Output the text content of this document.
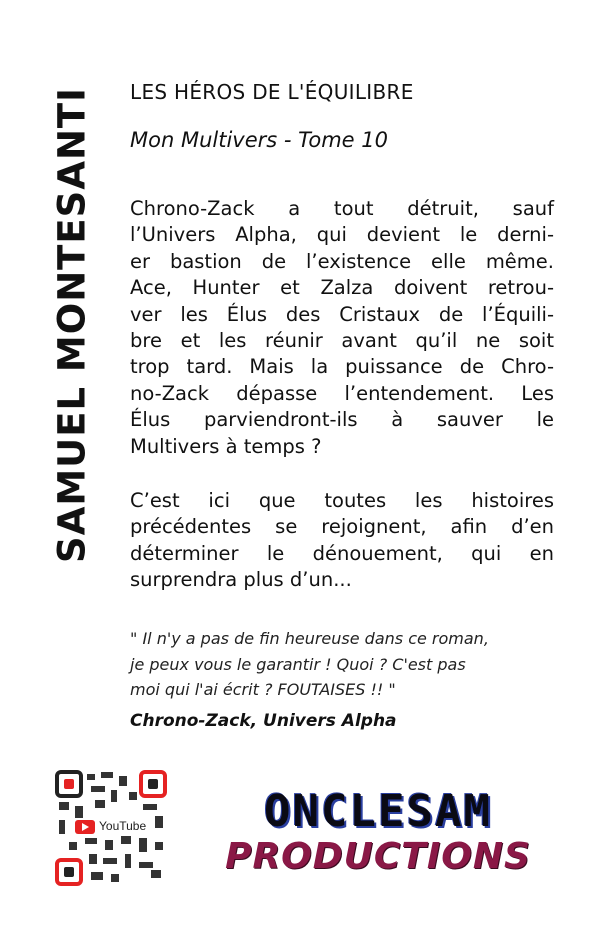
SAMUEL MONTESANTI LES HÉROS DE L'ÉQUILIBRE
Mon Multivers - Tome 10
Chrono-Zack a tout détruit, sauf
l’Univers Alpha, qui devient le derni-
er bastion de l’existence elle même.
Ace, Hunter et Zalza doivent retrou-
ver les Élus des Cristaux de l’Équili-
bre et les réunir avant qu’il ne soit
trop tard. Mais la puissance de Chro-
no-Zack dépasse l’entendement. Les
Élus parviendront-ils à sauver le
Multivers à temps ?
C’est ici que toutes les histoires
précédentes se rejoignent, afin d’en
déterminer le dénouement, qui en
surprendra plus d’un...
" Il n'y a pas de fin heureuse dans ce roman,
je peux vous le garantir ! Quoi ? C'est pas
moi qui l'ai écrit ? FOUTAISES !! "
Chrono-Zack, Univers Alpha
YouTube	ONCLESAM
PRODUCTIONS
